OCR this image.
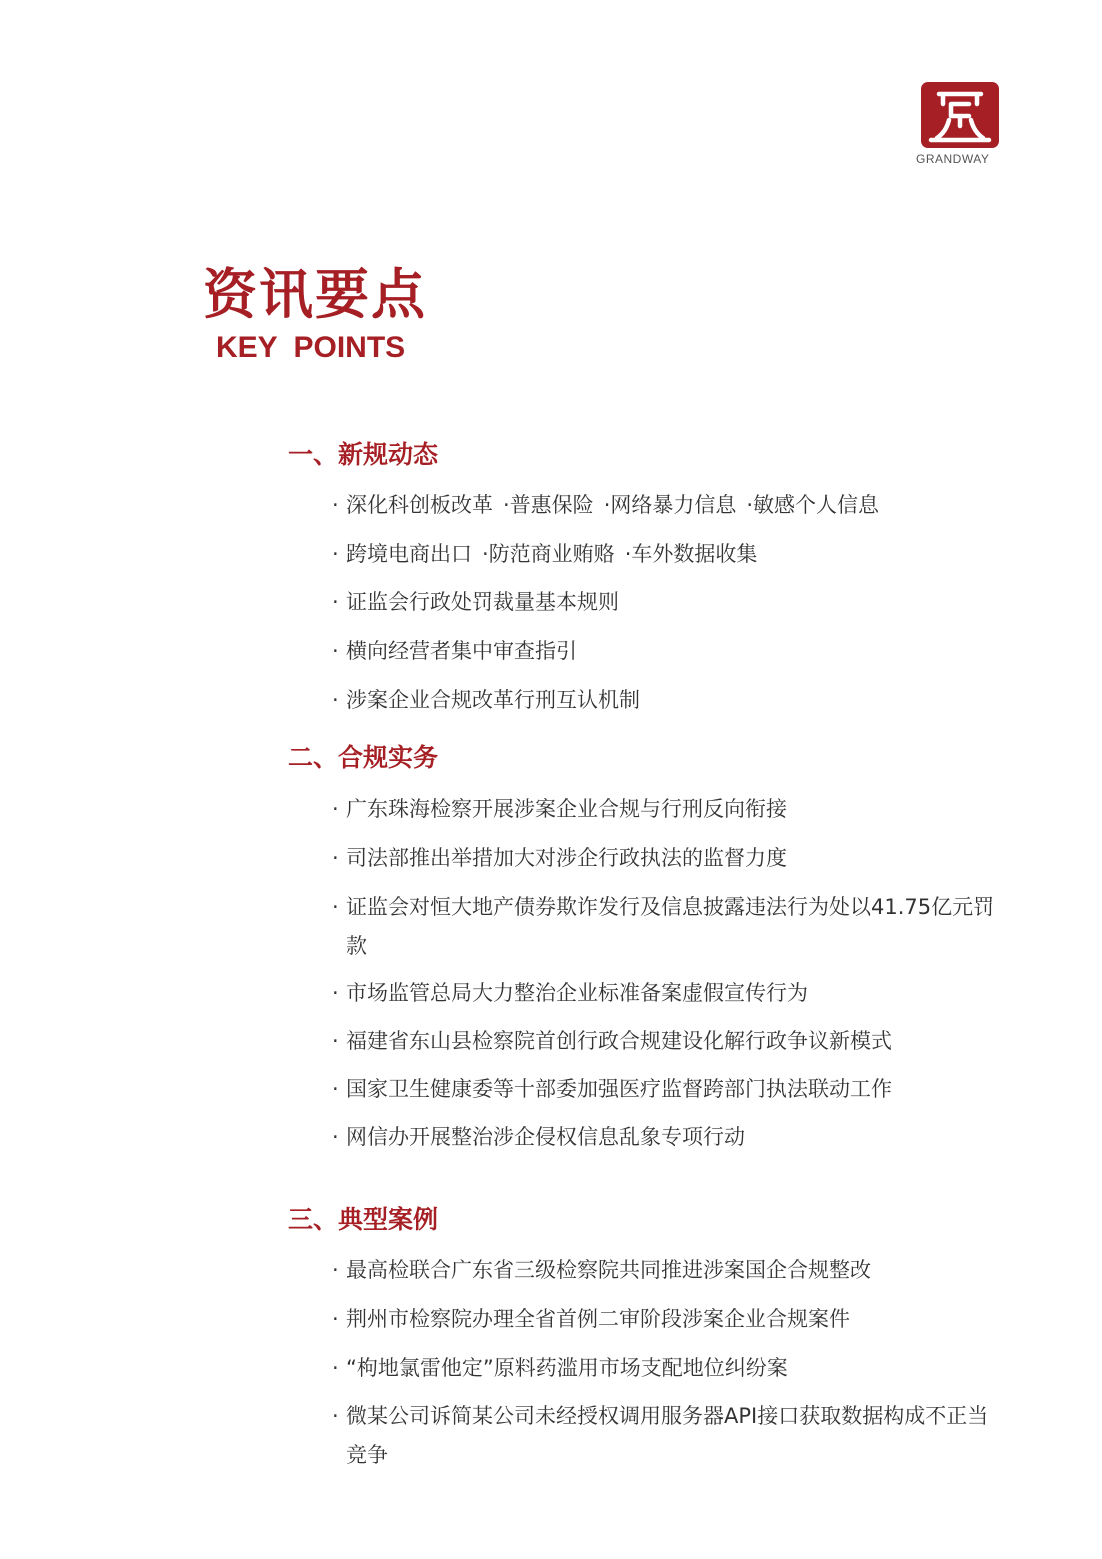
GRANDWAY
资讯要点
KEY POINTS
一、新规动态
· 深化科创板改革 ·普惠保险 ·网络暴力信息 ·敏感个人信息
· 跨境电商出口 ·防范商业贿赂 ·车外数据收集
· 证监会行政处罚裁量基本规则
· 横向经营者集中审查指引
· 涉案企业合规改革行刑互认机制
二、合规实务
· 广东珠海检察开展涉案企业合规与行刑反向衔接
· 司法部推出举措加大对涉企行政执法的监督力度
· 证监会对恒大地产债券欺诈发行及信息披露违法行为处以41.75亿元罚款
· 市场监管总局大力整治企业标准备案虚假宣传行为
· 福建省东山县检察院首创行政合规建设化解行政争议新模式
· 国家卫生健康委等十部委加强医疗监督跨部门执法联动工作
· 网信办开展整治涉企侵权信息乱象专项行动
三、典型案例
· 最高检联合广东省三级检察院共同推进涉案国企合规整改
· 荆州市检察院办理全省首例二审阶段涉案企业合规案件
· “枸地氯雷他定”原料药滥用市场支配地位纠纷案
· 微某公司诉简某公司未经授权调用服务器API接口获取数据构成不正当竞争
